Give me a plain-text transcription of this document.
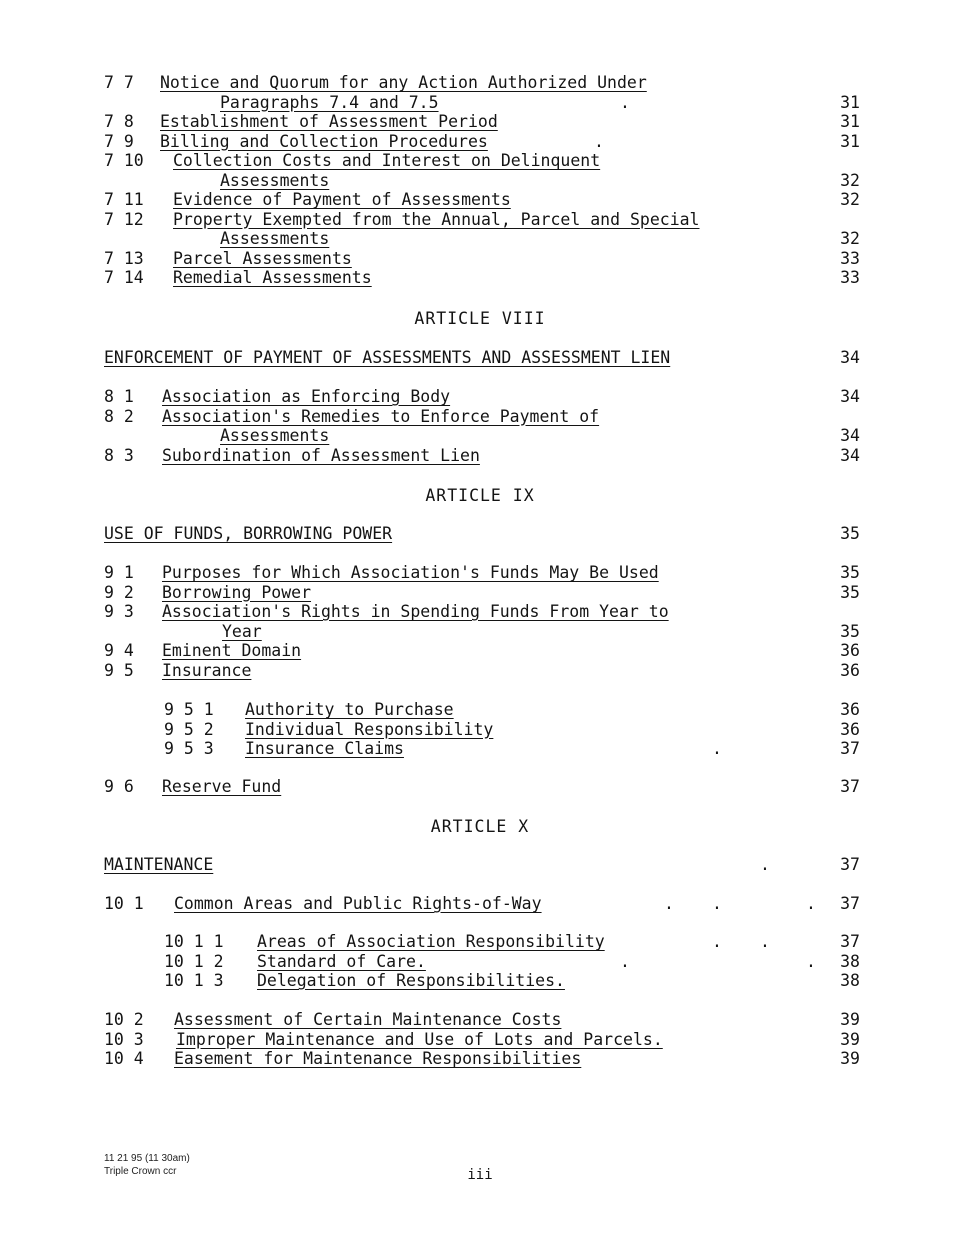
7 7 Notice and Quorum for any Action Authorized Under
Paragraphs 7.4 and 7.5	.	31
7 8 Establishment of Assessment Period	31
7 9 Billing and Collection Procedures	.	31
7 10 Collection Costs and Interest on Delinquent
Assessments	32
7 11 Evidence of Payment of Assessments	32
7 12 Property Exempted from the Annual, Parcel and Special
Assessments	32
7 13 Parcel Assessments	33
7 14 Remedial Assessments	33
ARTICLE VIII
ENFORCEMENT OF PAYMENT OF ASSESSMENTS AND ASSESSMENT LIEN	34
8 1 Association as Enforcing Body	34
8 2 Association's Remedies to Enforce Payment of
Assessments	34
8 3 Subordination of Assessment Lien	34
ARTICLE IX
USE OF FUNDS, BORROWING POWER	35
9 1 Purposes for Which Association's Funds May Be Used	35
9 2 Borrowing Power	35
9 3 Association's Rights in Spending Funds From Year to
Year	35
9 4 Eminent Domain	36
9 5 Insurance	36
9 5 1 Authority to Purchase	36
9 5 2 Individual Responsibility	36
9 5 3 Insurance Claims	.	37
9 6 Reserve Fund	37
ARTICLE X
MAINTENANCE	.	37
10 1 Common Areas and Public Rights-of-Way	. .	.	37
10 1 1 Areas of Association Responsibility	. .	37
10 1 2 Standard of Care.	.	.	38
10 1 3 Delegation of Responsibilities.	38
10 2 Assessment of Certain Maintenance Costs	39
10 3 Improper Maintenance and Use of Lots and Parcels.	39
10 4 Easement for Maintenance Responsibilities	39
11 21 95 (11 30am)
Triple Crown ccr	iii
